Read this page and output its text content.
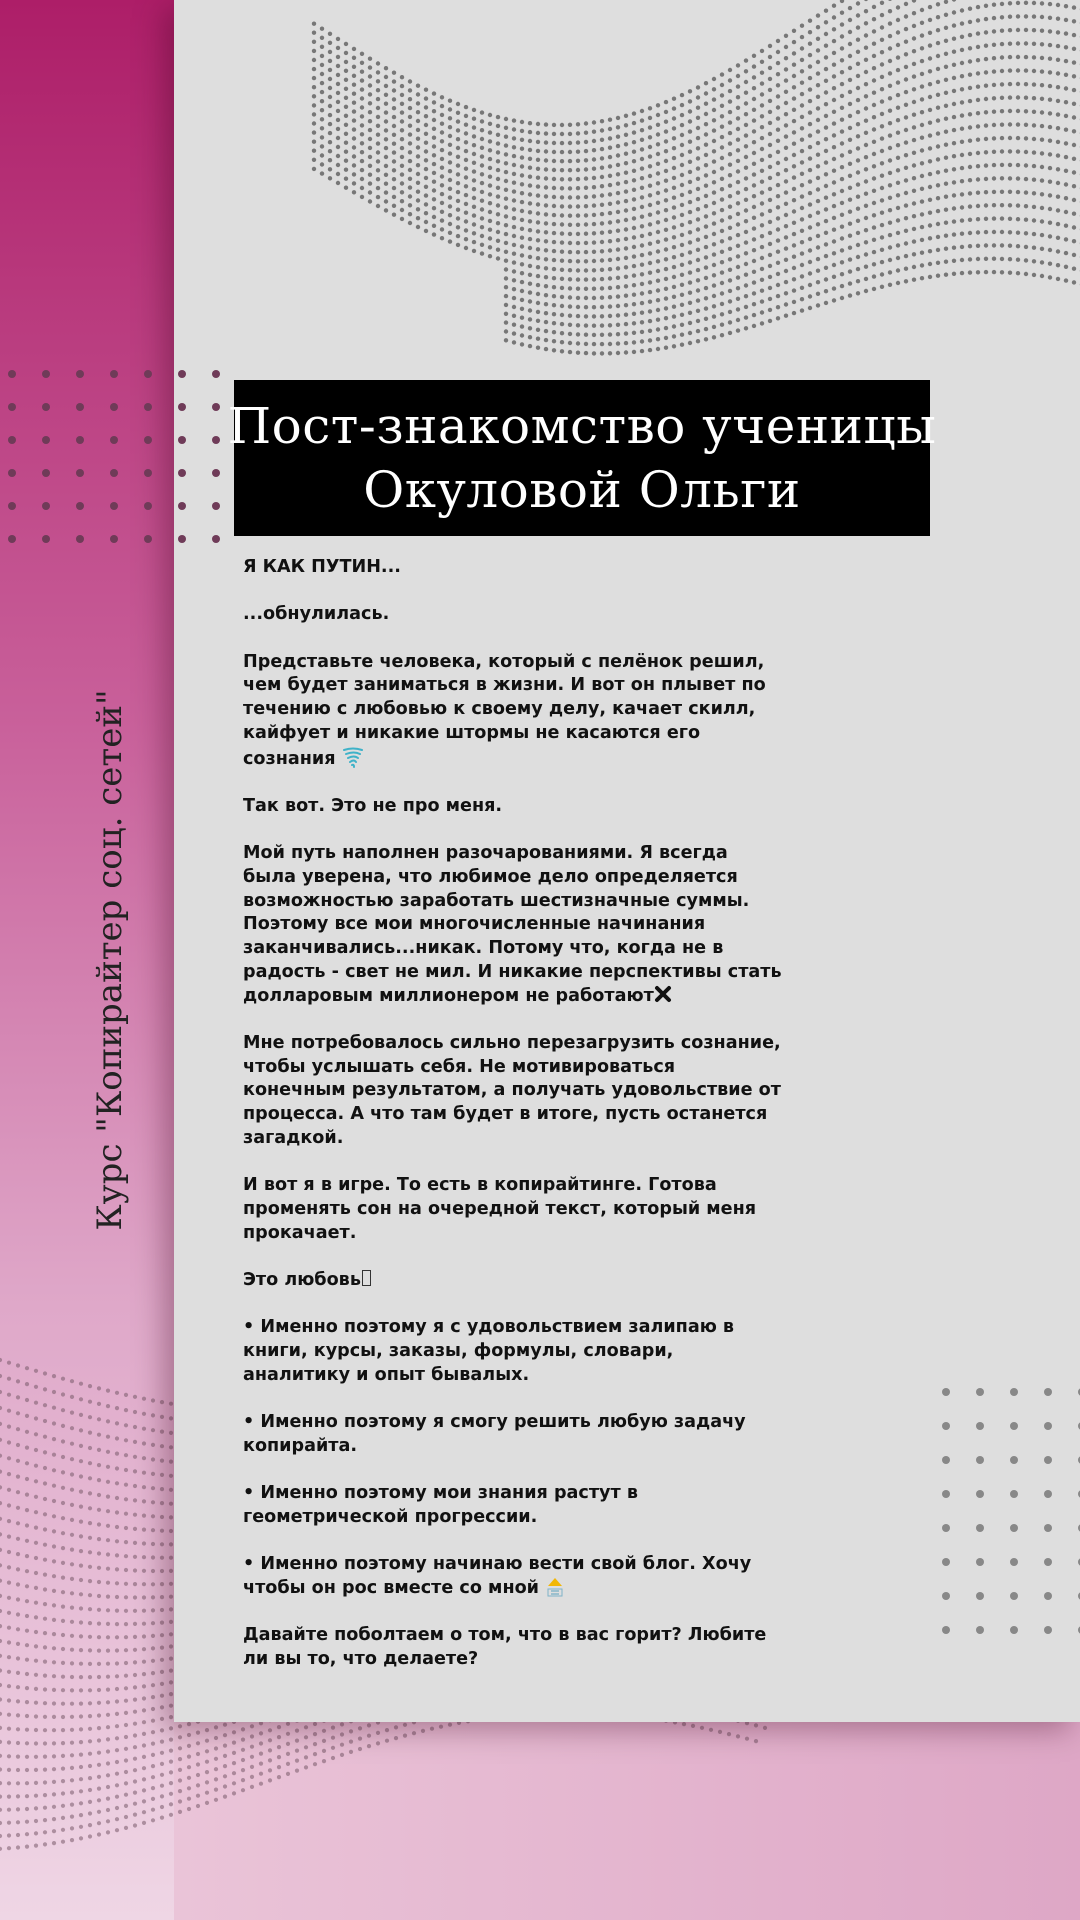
Пост-знакомство ученицы
Окуловой Ольги
Курс "Копирайтер соц. сетей"

Я КАК ПУТИН...

...обнулилась.

Представьте человека, который с пелёнок решил, чем будет заниматься в жизни. И вот он плывет по течению с любовью к своему делу, качает скилл, кайфует и никакие штормы не касаются его сознания

Так вот. Это не про меня.

Мой путь наполнен разочарованиями. Я всегда была уверена, что любимое дело определяется возможностью заработать шестизначные суммы. Поэтому все мои многочисленные начинания заканчивались...никак. Потому что, когда не в радость - свет не мил. И никакие перспективы стать долларовым миллионером не работают

Мне потребовалось сильно перезагрузить сознание, чтобы услышать себя. Не мотивироваться конечным результатом, а получать удовольствие от процесса. А что там будет в итоге, пусть останется загадкой.

И вот я в игре. То есть в копирайтинге. Готова променять сон на очередной текст, который меня прокачает.

Это любовь

• Именно поэтому я с удовольствием залипаю в книги, курсы, заказы, формулы, словари, аналитику и опыт бывалых.

• Именно поэтому я смогу решить любую задачу копирайта.

• Именно поэтому мои знания растут в геометрической прогрессии.

• Именно поэтому начинаю вести свой блог. Хочу чтобы он рос вместе со мной

Давайте поболтаем о том, что в вас горит? Любите ли вы то, что делаете?
